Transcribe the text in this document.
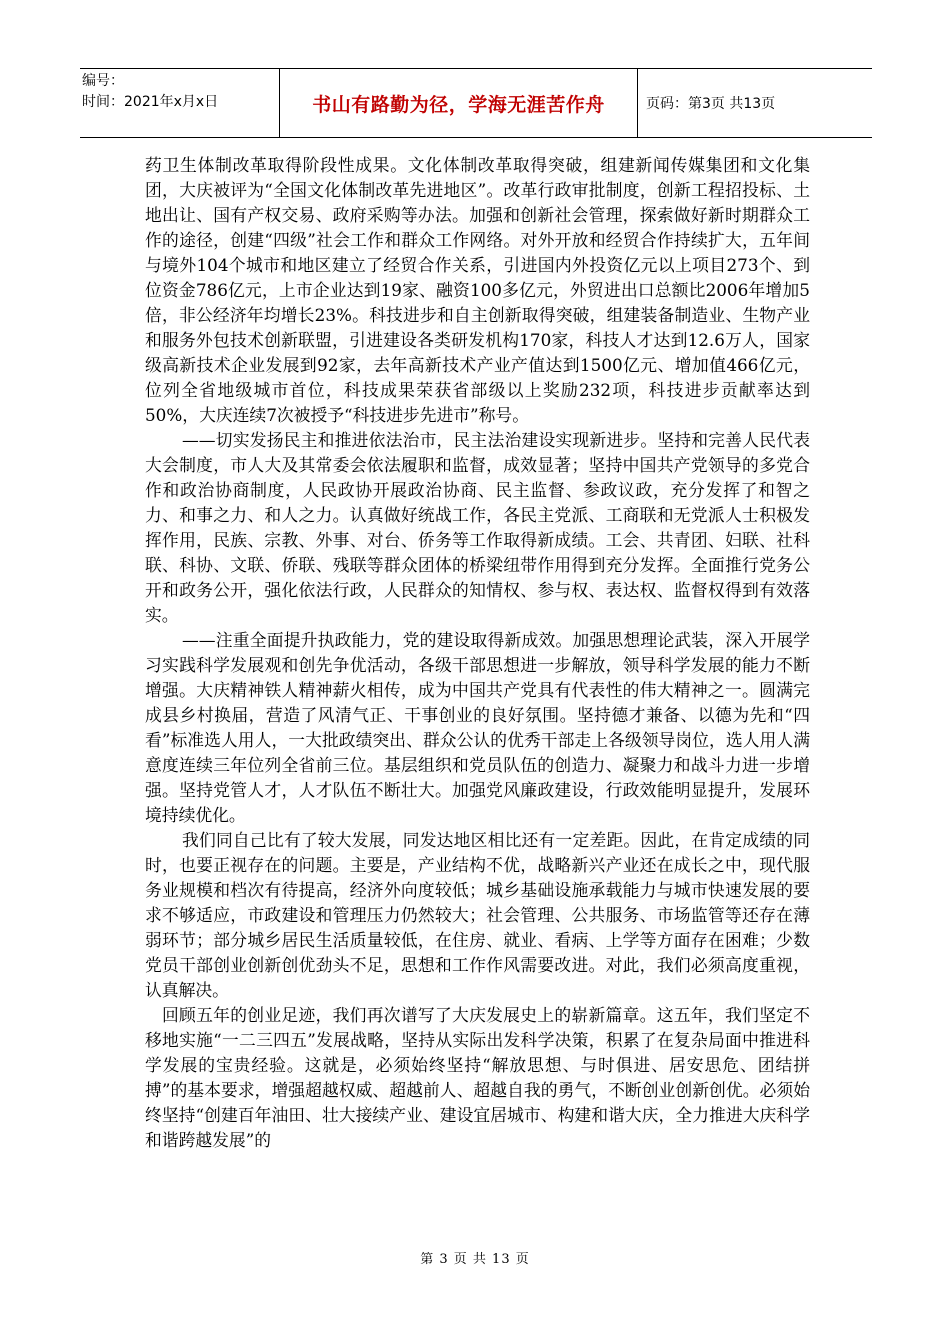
编号：
时间：2021年x月x日	书山有路勤为径，学海无涯苦作舟	页码：第3页 共13页

药卫生体制改革取得阶段性成果。文化体制改革取得突破，组建新闻传媒集团和文化集团，大庆被评为“全国文化体制改革先进地区”。改革行政审批制度，创新工程招投标、土地出让、国有产权交易、政府采购等办法。加强和创新社会管理，探索做好新时期群众工作的途径，创建“四级”社会工作和群众工作网络。对外开放和经贸合作持续扩大，五年间与境外104个城市和地区建立了经贸合作关系，引进国内外投资亿元以上项目273个、到位资金786亿元，上市企业达到19家、融资100多亿元，外贸进出口总额比2006年增加5倍，非公经济年均增长23%。科技进步和自主创新取得突破，组建装备制造业、生物产业和服务外包技术创新联盟，引进建设各类研发机构170家，科技人才达到12.6万人，国家级高新技术企业发展到92家，去年高新技术产业产值达到1500亿元、增加值466亿元，位列全省地级城市首位，科技成果荣获省部级以上奖励232项，科技进步贡献率达到50%，大庆连续7次被授予“科技进步先进市”称号。

——切实发扬民主和推进依法治市，民主法治建设实现新进步。坚持和完善人民代表大会制度，市人大及其常委会依法履职和监督，成效显著；坚持中国共产党领导的多党合作和政治协商制度，人民政协开展政治协商、民主监督、参政议政，充分发挥了和智之力、和事之力、和人之力。认真做好统战工作，各民主党派、工商联和无党派人士积极发挥作用，民族、宗教、外事、对台、侨务等工作取得新成绩。工会、共青团、妇联、社科联、科协、文联、侨联、残联等群众团体的桥梁纽带作用得到充分发挥。全面推行党务公开和政务公开，强化依法行政，人民群众的知情权、参与权、表达权、监督权得到有效落实。

——注重全面提升执政能力，党的建设取得新成效。加强思想理论武装，深入开展学习实践科学发展观和创先争优活动，各级干部思想进一步解放，领导科学发展的能力不断增强。大庆精神铁人精神薪火相传，成为中国共产党具有代表性的伟大精神之一。圆满完成县乡村换届，营造了风清气正、干事创业的良好氛围。坚持德才兼备、以德为先和“四看”标准选人用人，一大批政绩突出、群众公认的优秀干部走上各级领导岗位，选人用人满意度连续三年位列全省前三位。基层组织和党员队伍的创造力、凝聚力和战斗力进一步增强。坚持党管人才，人才队伍不断壮大。加强党风廉政建设，行政效能明显提升，发展环境持续优化。

我们同自己比有了较大发展，同发达地区相比还有一定差距。因此，在肯定成绩的同时，也要正视存在的问题。主要是，产业结构不优，战略新兴产业还在成长之中，现代服务业规模和档次有待提高，经济外向度较低；城乡基础设施承载能力与城市快速发展的要求不够适应，市政建设和管理压力仍然较大；社会管理、公共服务、市场监管等还存在薄弱环节；部分城乡居民生活质量较低，在住房、就业、看病、上学等方面存在困难；少数党员干部创业创新创优劲头不足，思想和工作作风需要改进。对此，我们必须高度重视，认真解决。

回顾五年的创业足迹，我们再次谱写了大庆发展史上的崭新篇章。这五年，我们坚定不移地实施“一二三四五”发展战略，坚持从实际出发科学决策，积累了在复杂局面中推进科学发展的宝贵经验。这就是，必须始终坚持“解放思想、与时俱进、居安思危、团结拼搏”的基本要求，增强超越权威、超越前人、超越自我的勇气，不断创业创新创优。必须始终坚持“创建百年油田、壮大接续产业、建设宜居城市、构建和谐大庆，全力推进大庆科学和谐跨越发展”的

第 3 页 共 13 页
